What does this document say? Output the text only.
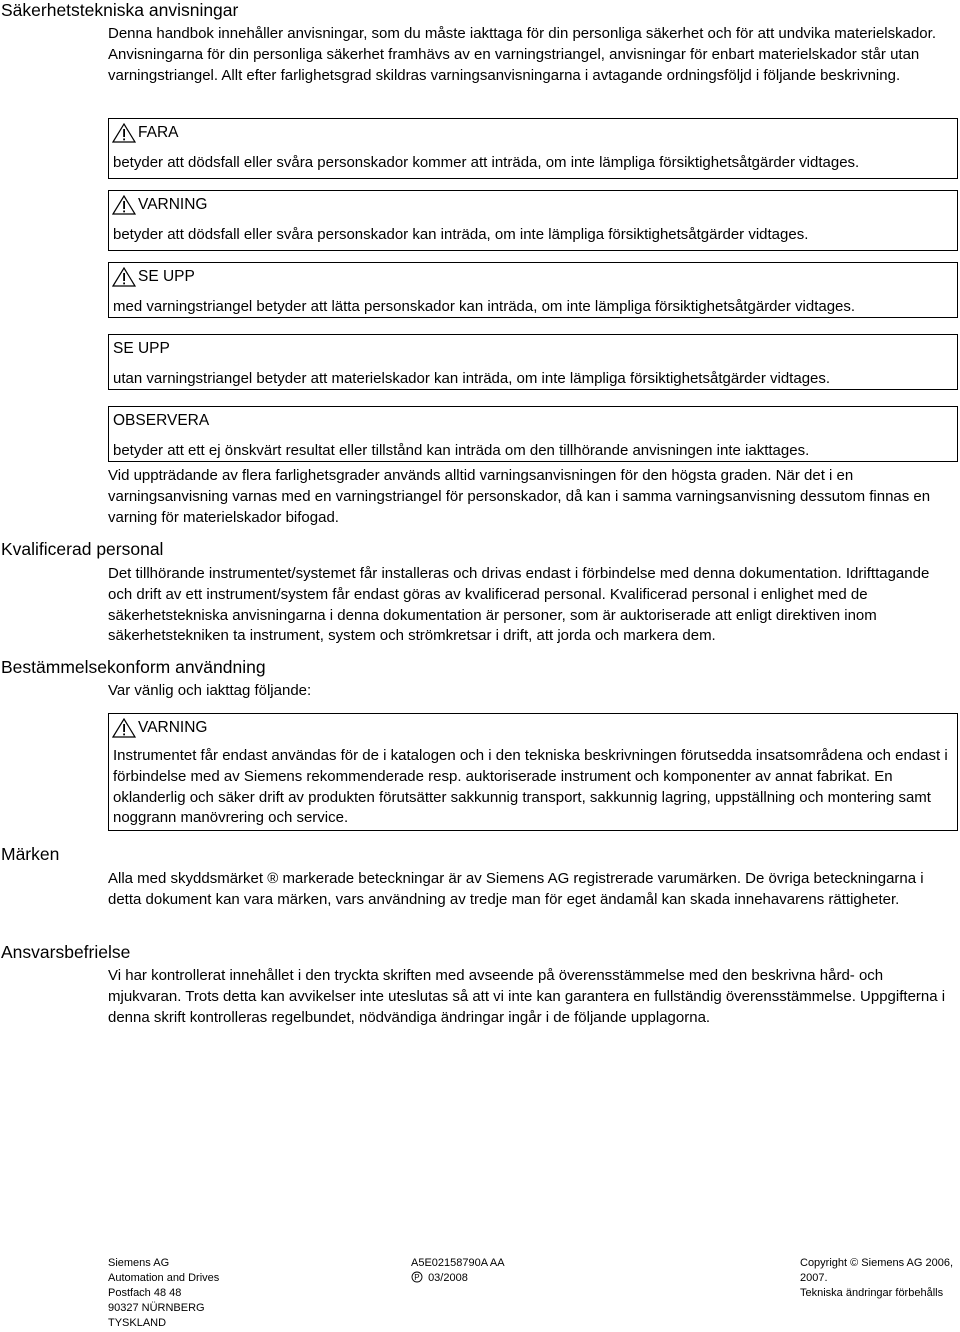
Säkerhetstekniska anvisningar

Denna handbok innehåller anvisningar, som du måste iakttaga för din personliga säkerhet och för att undvika materielskador. Anvisningarna för din personliga säkerhet framhävs av en varningstriangel, anvisningar för enbart materielskador står utan varningstriangel. Allt efter farlighetsgrad skildras varningsanvisningarna i avtagande ordningsföljd i följande beskrivning.

FARA

betyder att dödsfall eller svåra personskador kommer att inträda, om inte lämpliga försiktighetsåtgärder vidtages.

VARNING

betyder att dödsfall eller svåra personskador kan inträda, om inte lämpliga försiktighetsåtgärder vidtages.

SE UPP

med varningstriangel betyder att lätta personskador kan inträda, om inte lämpliga försiktighetsåtgärder vidtages.

SE UPP

utan varningstriangel betyder att materielskador kan inträda, om inte lämpliga försiktighetsåtgärder vidtages.

OBSERVERA

betyder att ett ej önskvärt resultat eller tillstånd kan inträda om den tillhörande anvisningen inte iakttages.

Vid uppträdande av flera farlighetsgrader används alltid varningsanvisningen för den högsta graden. När det i en varningsanvisning varnas med en varningstriangel för personskador, då kan i samma varningsanvisning dessutom finnas en varning för materielskador bifogad.

Kvalificerad personal

Det tillhörande instrumentet/systemet får installeras och drivas endast i förbindelse med denna dokumentation. Idrifttagande och drift av ett instrument/system får endast göras av kvalificerad personal. Kvalificerad personal i enlighet med de säkerhetstekniska anvisningarna i denna dokumentation är personer, som är auktoriserade att enligt direktiven inom säkerhetstekniken ta instrument, system och strömkretsar i drift, att jorda och markera dem.

Bestämmelsekonform användning

Var vänlig och iakttag följande:

VARNING

Instrumentet får endast användas för de i katalogen och i den tekniska beskrivningen förutsedda insatsområdena och endast i förbindelse med av Siemens rekommenderade resp. auktoriserade instrument och komponenter av annat fabrikat. En oklanderlig och säker drift av produkten förutsätter sakkunnig transport, sakkunnig lagring, uppställning och montering samt noggrann manövrering och service.

Märken

Alla med skyddsmärket ® markerade beteckningar är av Siemens AG registrerade varumärken. De övriga beteckningarna i detta dokument kan vara märken, vars användning av tredje man för eget ändamål kan skada innehavarens rättigheter.

Ansvarsbefrielse

Vi har kontrollerat innehållet i den tryckta skriften med avseende på överensstämmelse med den beskrivna hård- och mjukvaran. Trots detta kan avvikelser inte uteslutas så att vi inte kan garantera en fullständig överensstämmelse. Uppgifterna i denna skrift kontrolleras regelbundet, nödvändiga ändringar ingår i de följande upplagorna.

Siemens AG
Automation and Drives
Postfach 48 48
90327 NÜRNBERG
TYSKLAND
A5E02158790A AA
P 03/2008
Copyright © Siemens AG 2006,
2007.
Tekniska ändringar förbehålls
